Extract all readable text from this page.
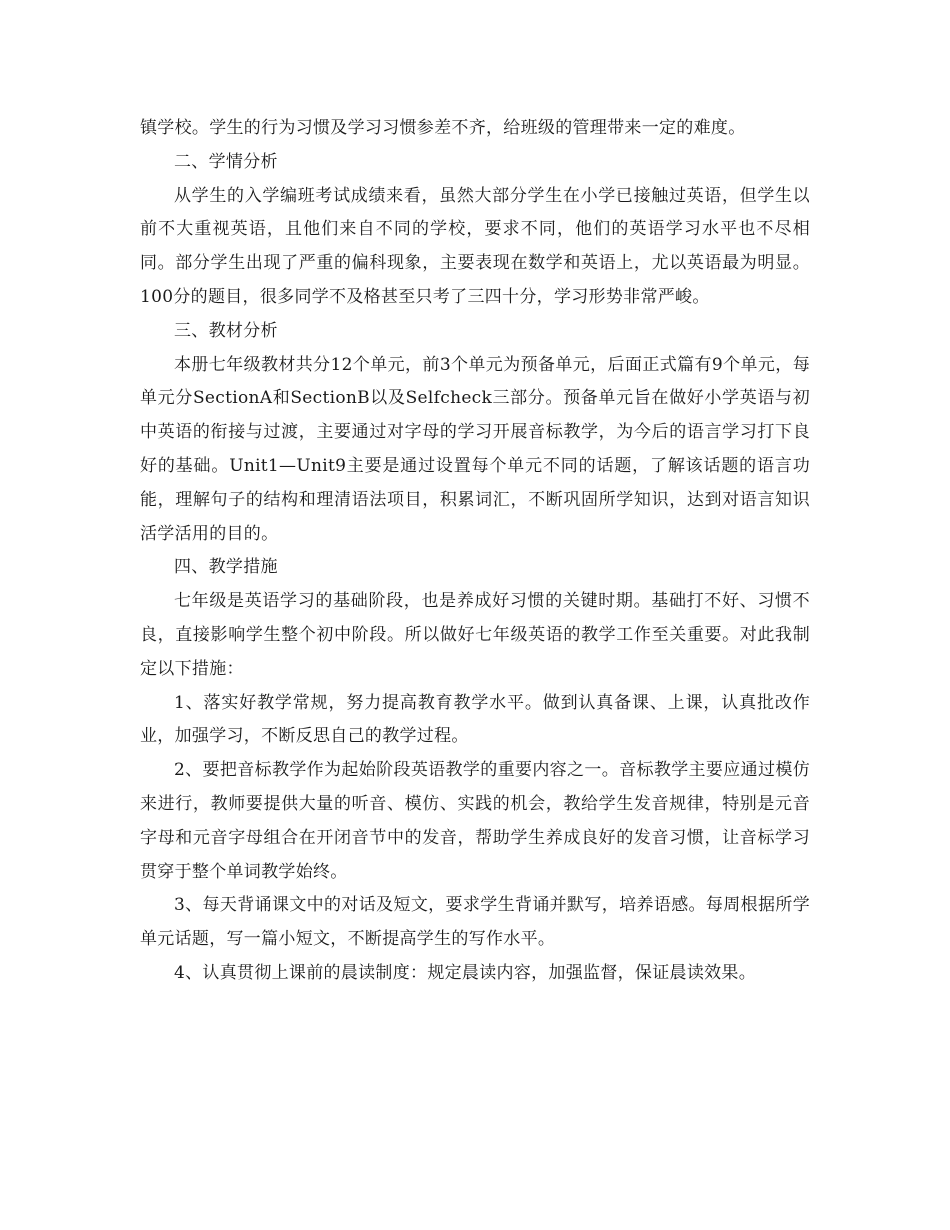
镇学校。学生的行为习惯及学习习惯参差不齐，给班级的管理带来一定的难度。

二、学情分析

从学生的入学编班考试成绩来看，虽然大部分学生在小学已接触过英语，但学生以前不大重视英语，且他们来自不同的学校，要求不同，他们的英语学习水平也不尽相同。部分学生出现了严重的偏科现象，主要表现在数学和英语上，尤以英语最为明显。100分的题目，很多同学不及格甚至只考了三四十分，学习形势非常严峻。

三、教材分析

本册七年级教材共分12个单元，前3个单元为预备单元，后面正式篇有9个单元，每单元分SectionA和SectionB以及Selfcheck三部分。预备单元旨在做好小学英语与初中英语的衔接与过渡，主要通过对字母的学习开展音标教学，为今后的语言学习打下良好的基础。Unit1—Unit9主要是通过设置每个单元不同的话题，了解该话题的语言功能，理解句子的结构和理清语法项目，积累词汇，不断巩固所学知识，达到对语言知识活学活用的目的。

四、教学措施

七年级是英语学习的基础阶段，也是养成好习惯的关键时期。基础打不好、习惯不良，直接影响学生整个初中阶段。所以做好七年级英语的教学工作至关重要。对此我制定以下措施：

1、落实好教学常规，努力提高教育教学水平。做到认真备课、上课，认真批改作业，加强学习，不断反思自己的教学过程。

2、要把音标教学作为起始阶段英语教学的重要内容之一。音标教学主要应通过模仿来进行，教师要提供大量的听音、模仿、实践的机会，教给学生发音规律，特别是元音字母和元音字母组合在开闭音节中的发音，帮助学生养成良好的发音习惯，让音标学习贯穿于整个单词教学始终。

3、每天背诵课文中的对话及短文，要求学生背诵并默写，培养语感。每周根据所学单元话题，写一篇小短文，不断提高学生的写作水平。

4、认真贯彻上课前的晨读制度：规定晨读内容，加强监督，保证晨读效果。
